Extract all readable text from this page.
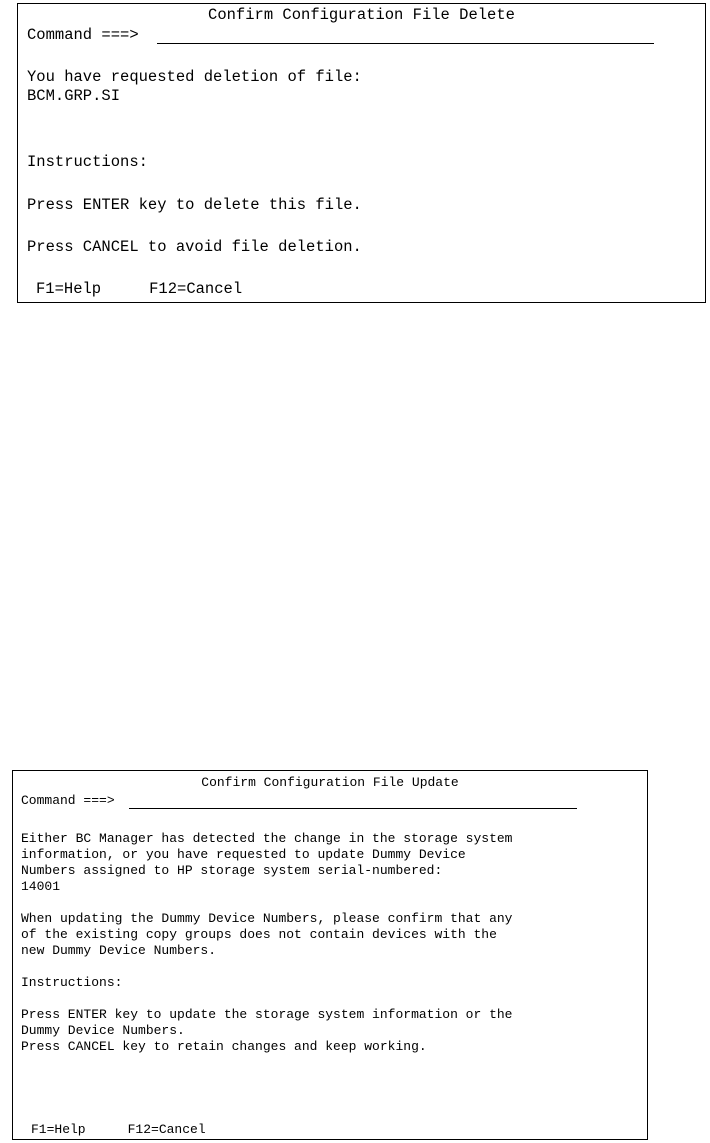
Confirm Configuration File Delete
Command ===>
You have requested deletion of file:
BCM.GRP.SI
Instructions:
Press ENTER key to delete this file.
Press CANCEL to avoid file deletion.
F1=Help	F12=Cancel
Confirm Configuration File Update
Command ===>
Either BC Manager has detected the change in the storage system
information, or you have requested to update Dummy Device
Numbers assigned to HP storage system serial-numbered:
14001
When updating the Dummy Device Numbers, please confirm that any
of the existing copy groups does not contain devices with the
new Dummy Device Numbers.
Instructions:
Press ENTER key to update the storage system information or the
Dummy Device Numbers.
Press CANCEL key to retain changes and keep working.
F1=Help	F12=Cancel
